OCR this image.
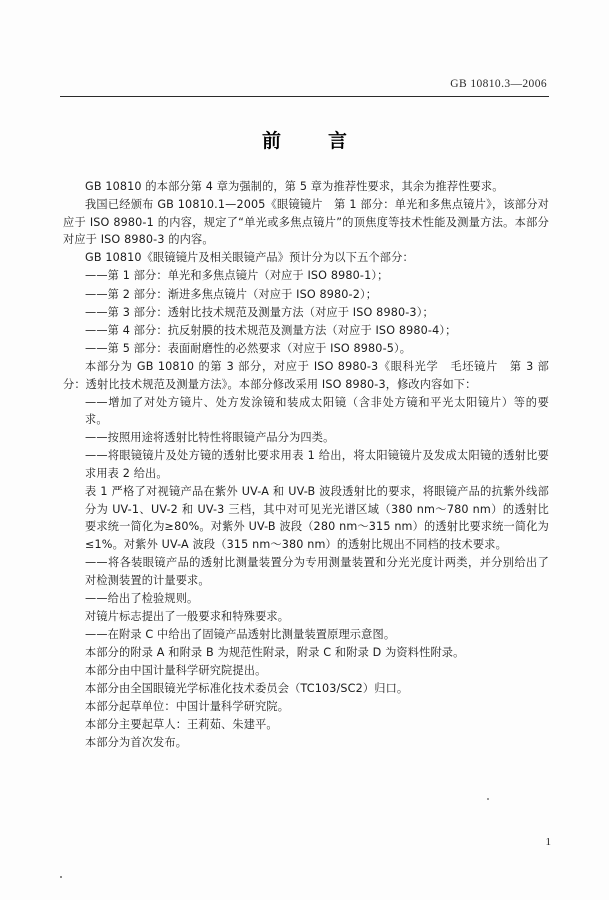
GB 10810.3—2006
前　言

GB 10810 的本部分第 4 章为强制的，第 5 章为推荐性要求，其余为推荐性要求。

我国已经颁布 GB 10810.1—2005《眼镜镜片　第 1 部分：单光和多焦点镜片》，该部分对应于 ISO 8980-1 的内容，规定了“单光或多焦点镜片”的顶焦度等技术性能及测量方法。本部分对应于 ISO 8980-3 的内容。

GB 10810《眼镜镜片及相关眼镜产品》预计分为以下五个部分：

——第 1 部分：单光和多焦点镜片（对应于 ISO 8980-1）；

——第 2 部分：渐进多焦点镜片（对应于 ISO 8980-2）；

——第 3 部分：透射比技术规范及测量方法（对应于 ISO 8980-3）；

——第 4 部分：抗反射膜的技术规范及测量方法（对应于 ISO 8980-4）；

——第 5 部分：表面耐磨性的必然要求（对应于 ISO 8980-5）。

本部分为 GB 10810 的第 3 部分，对应于 ISO 8980-3《眼科光学　毛坯镜片　第 3 部分：透射比技术规范及测量方法》。本部分修改采用 ISO 8980-3，修改内容如下：

——增加了对处方镜片、处方发涂镜和装成太阳镜（含非处方镜和平光太阳镜片）等的要求。

——按照用途将透射比特性将眼镜产品分为四类。

——将眼镜镜片及处方镜的透射比要求用表 1 给出，将太阳镜镜片及发成太阳镜的透射比要求用表 2 给出。

表 1 严格了对视镜产品在紫外 UV-A 和 UV-B 波段透射比的要求，将眼镜产品的抗紫外线部分为 UV-1、UV-2 和 UV-3 三档，其中对可见光光谱区域（380 nm～780 nm）的透射比要求统一简化为≥80%。对紫外 UV-B 波段（280 nm～315 nm）的透射比要求统一简化为≤1%。对紫外 UV-A 波段（315 nm～380 nm）的透射比规出不同档的技术要求。

——将各装眼镜产品的透射比测量装置分为专用测量装置和分光光度计两类，并分别给出了对检测装置的计量要求。

——给出了检验规则。

对镜片标志提出了一般要求和特殊要求。

——在附录 C 中给出了固镜产品透射比测量装置原理示意图。

本部分的附录 A 和附录 B 为规范性附录，附录 C 和附录 D 为资料性附录。

本部分由中国计量科学研究院提出。

本部分由全国眼镜光学标准化技术委员会（TC103/SC2）归口。

本部分起草单位：中国计量科学研究院。

本部分主要起草人：王莉茹、朱建平。

本部分为首次发布。

1
